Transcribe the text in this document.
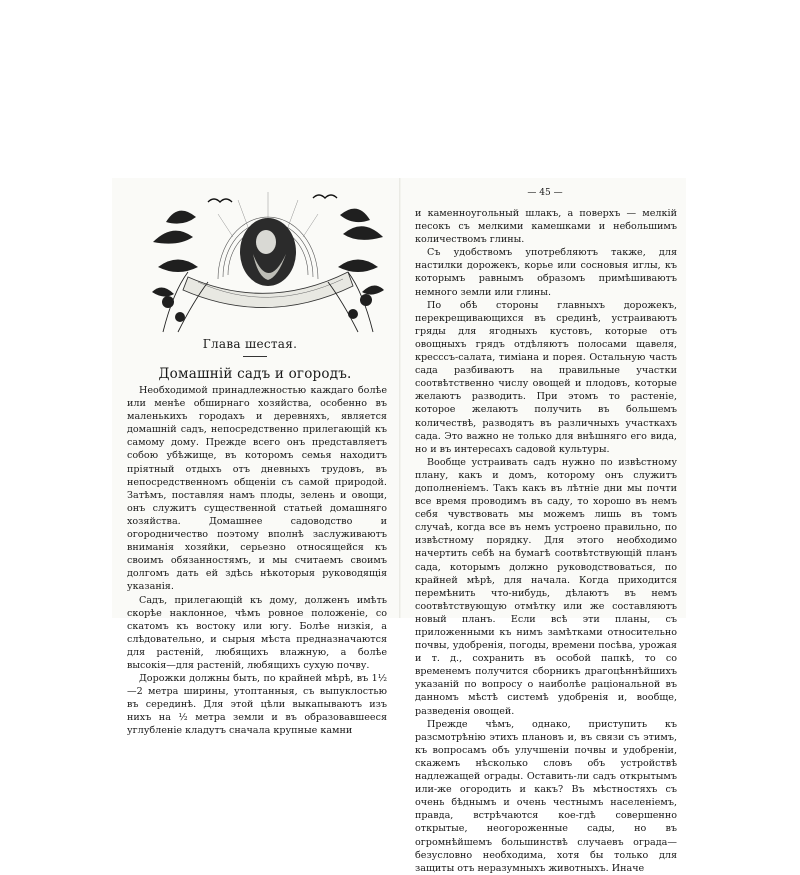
Глава шестая.
Домашній садъ и огородъ.

Необходимой принадлежностью каждаго болѣе или менѣе обширнаго хозяйства, особенно въ маленькихъ городахъ и деревняхъ, является домашній садъ, непосредственно прилегающій къ самому дому. Прежде всего онъ представляетъ собою убѣжище, въ которомъ семья находитъ пріятный отдыхъ отъ дневныхъ трудовъ, въ непосредственномъ общеніи съ самой природой. Затѣмъ, поставляя намъ плоды, зелень и овощи, онъ служитъ существенной статьей домашняго хозяйства. Домашнее садоводство и огородничество поэтому вполнѣ заслуживаютъ вниманія хозяйки, серьезно относящейся къ своимъ обязанностямъ, и мы считаемъ своимъ долгомъ дать ей здѣсь нѣкоторыя руководящія указанія.

Садъ, прилегающій къ дому, долженъ имѣть скорѣе наклонное, чѣмъ ровное положеніе, со скатомъ къ востоку или югу. Болѣе низкія, а слѣдовательно, и сырыя мѣста предназначаются для растеній, любящихъ влажную, а болѣе высокія—для растеній, любящихъ сухую почву.

Дорожки должны быть, по крайней мѣрѣ, въ 1½—2 метра ширины, утоптанныя, съ выпуклостью въ серединѣ. Для этой цѣли выкапываютъ изъ нихъ на ½ метра земли и въ образовавшееся углубленіе кладутъ сначала крупные камни

— 45 —

и каменноугольный шлакъ, а поверхъ — мелкій песокъ съ мелкими камешками и небольшимъ количествомъ глины.

Съ удобствомъ употребляютъ также, для настилки дорожекъ, корье или сосновыя иглы, къ которымъ равнымъ образомъ примѣшиваютъ немного земли или глины.

По обѣ стороны главныхъ дорожекъ, перекрещивающихся въ срединѣ, устраиваютъ гряды для ягодныхъ кустовъ, которые отъ овощныхъ грядъ отдѣляютъ полосами щавеля, кресссъ-салата, тиміана и порея. Остальную часть сада разбиваютъ на правильные участки соотвѣтственно числу овощей и плодовъ, которые желаютъ разводить. При этомъ то растеніе, которое желаютъ получить въ большемъ количествѣ, разводятъ въ различныхъ участкахъ сада. Это важно не только для внѣшняго его вида, но и въ интересахъ садовой культуры.

Вообще устраивать садъ нужно по извѣстному плану, какъ и домъ, которому онъ служитъ дополненіемъ. Такъ какъ въ лѣтніе дни мы почти все время проводимъ въ саду, то хорошо въ немъ себя чувствовать мы можемъ лишь въ томъ случаѣ, когда все въ немъ устроено правильно, по извѣстному порядку. Для этого необходимо начертить себѣ на бумагѣ соотвѣтствующій планъ сада, которымъ должно руководствоваться, по крайней мѣрѣ, для начала. Когда приходится перемѣнить что-нибудь, дѣлаютъ въ немъ соотвѣтствующую отмѣтку или же составляютъ новый планъ. Если всѣ эти планы, съ приложенными къ нимъ замѣтками относительно почвы, удобренія, погоды, времени посѣва, урожая и т. д., сохранить въ особой папкѣ, то со временемъ получится сборникъ драгоцѣннѣйшихъ указаній по вопросу о наиболѣе раціональной въ данномъ мѣстѣ системѣ удобренія и, вообще, разведенія овощей.

Прежде чѣмъ, однако, приступить къ разсмотрѣнію этихъ плановъ и, въ связи съ этимъ, къ вопросамъ объ улучшеніи почвы и удобреніи, скажемъ нѣсколько словъ объ устройствѣ надлежащей ограды. Оставить-ли садъ открытымъ или-же огородить и какъ? Въ мѣстностяхъ съ очень бѣднымъ и очень честнымъ населеніемъ, правда, встрѣчаются кое-гдѣ совершенно открытые, неогороженные сады, но въ огромнѣйшемъ большинствѣ случаевъ ограда—безусловно необходима, хотя бы только для защиты отъ неразумныхъ животныхъ. Иначе
